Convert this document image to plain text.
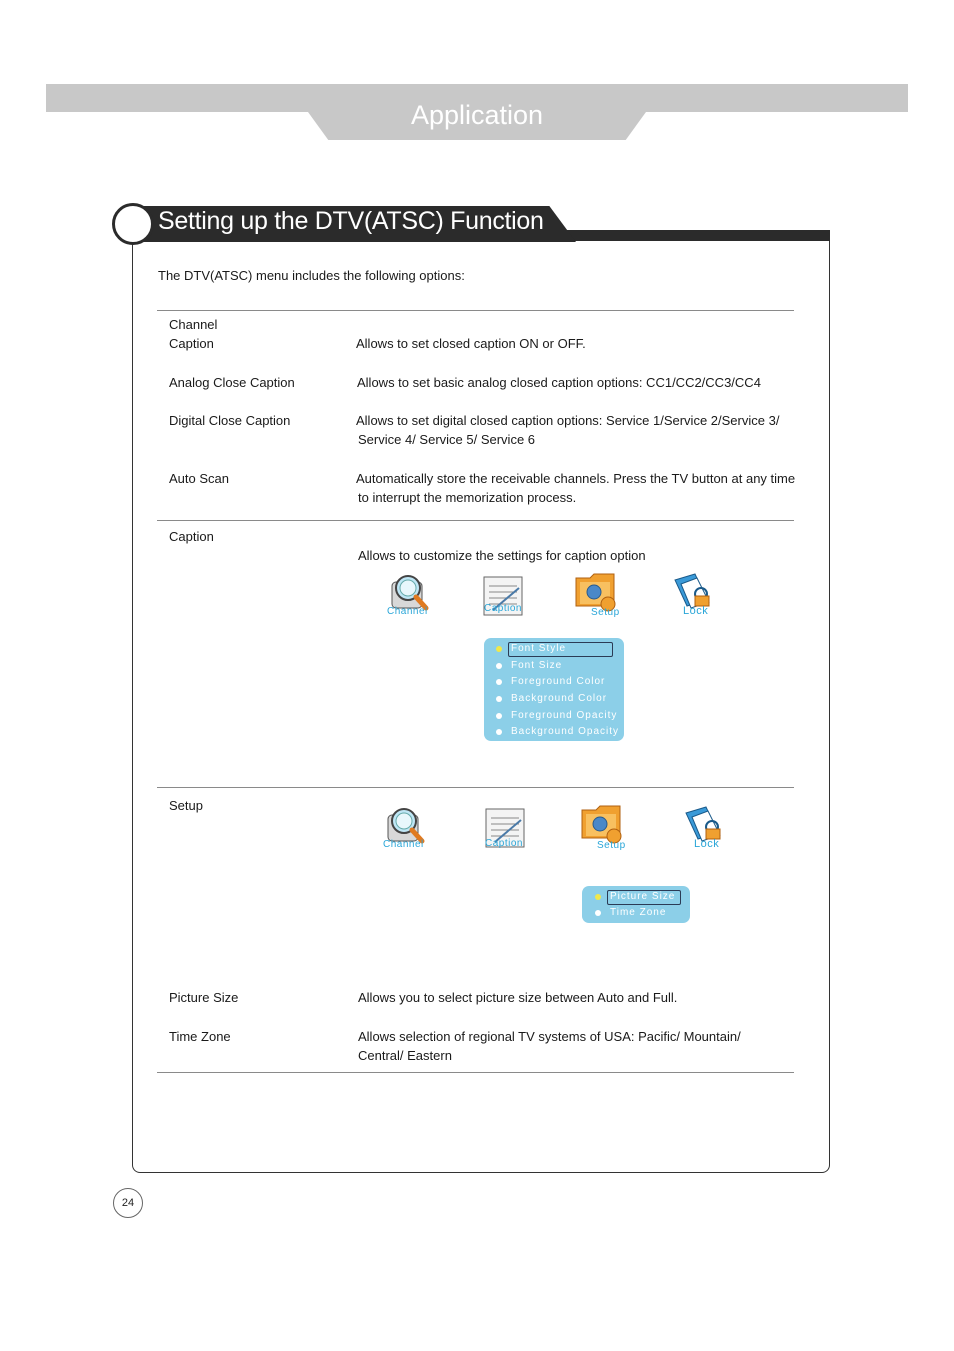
Application
Setting up the DTV(ATSC) Function
The DTV(ATSC) menu includes the following options:
Channel
Caption	Allows to set closed caption ON or OFF.
Analog Close Caption	Allows to set basic analog closed caption options: CC1/CC2/CC3/CC4
Digital Close Caption	Allows to set digital closed caption options: Service 1/Service 2/Service 3/
Service 4/ Service 5/ Service 6
Auto Scan	Automatically store the receivable channels. Press the TV button at any time
to interrupt the memorization process.
Caption
Allows to customize the settings for caption option
Channel	Caption	Setup	Lock
Font Style
Font Size
Foreground Color
Background Color
Foreground Opacity
Background Opacity
Setup
Channel	Caption	Setup	Lock
Picture Size
Time Zone
Picture Size	Allows you to select picture size between Auto and Full.
Time Zone	Allows selection of regional TV systems of USA: Pacific/ Mountain/
Central/ Eastern
24
